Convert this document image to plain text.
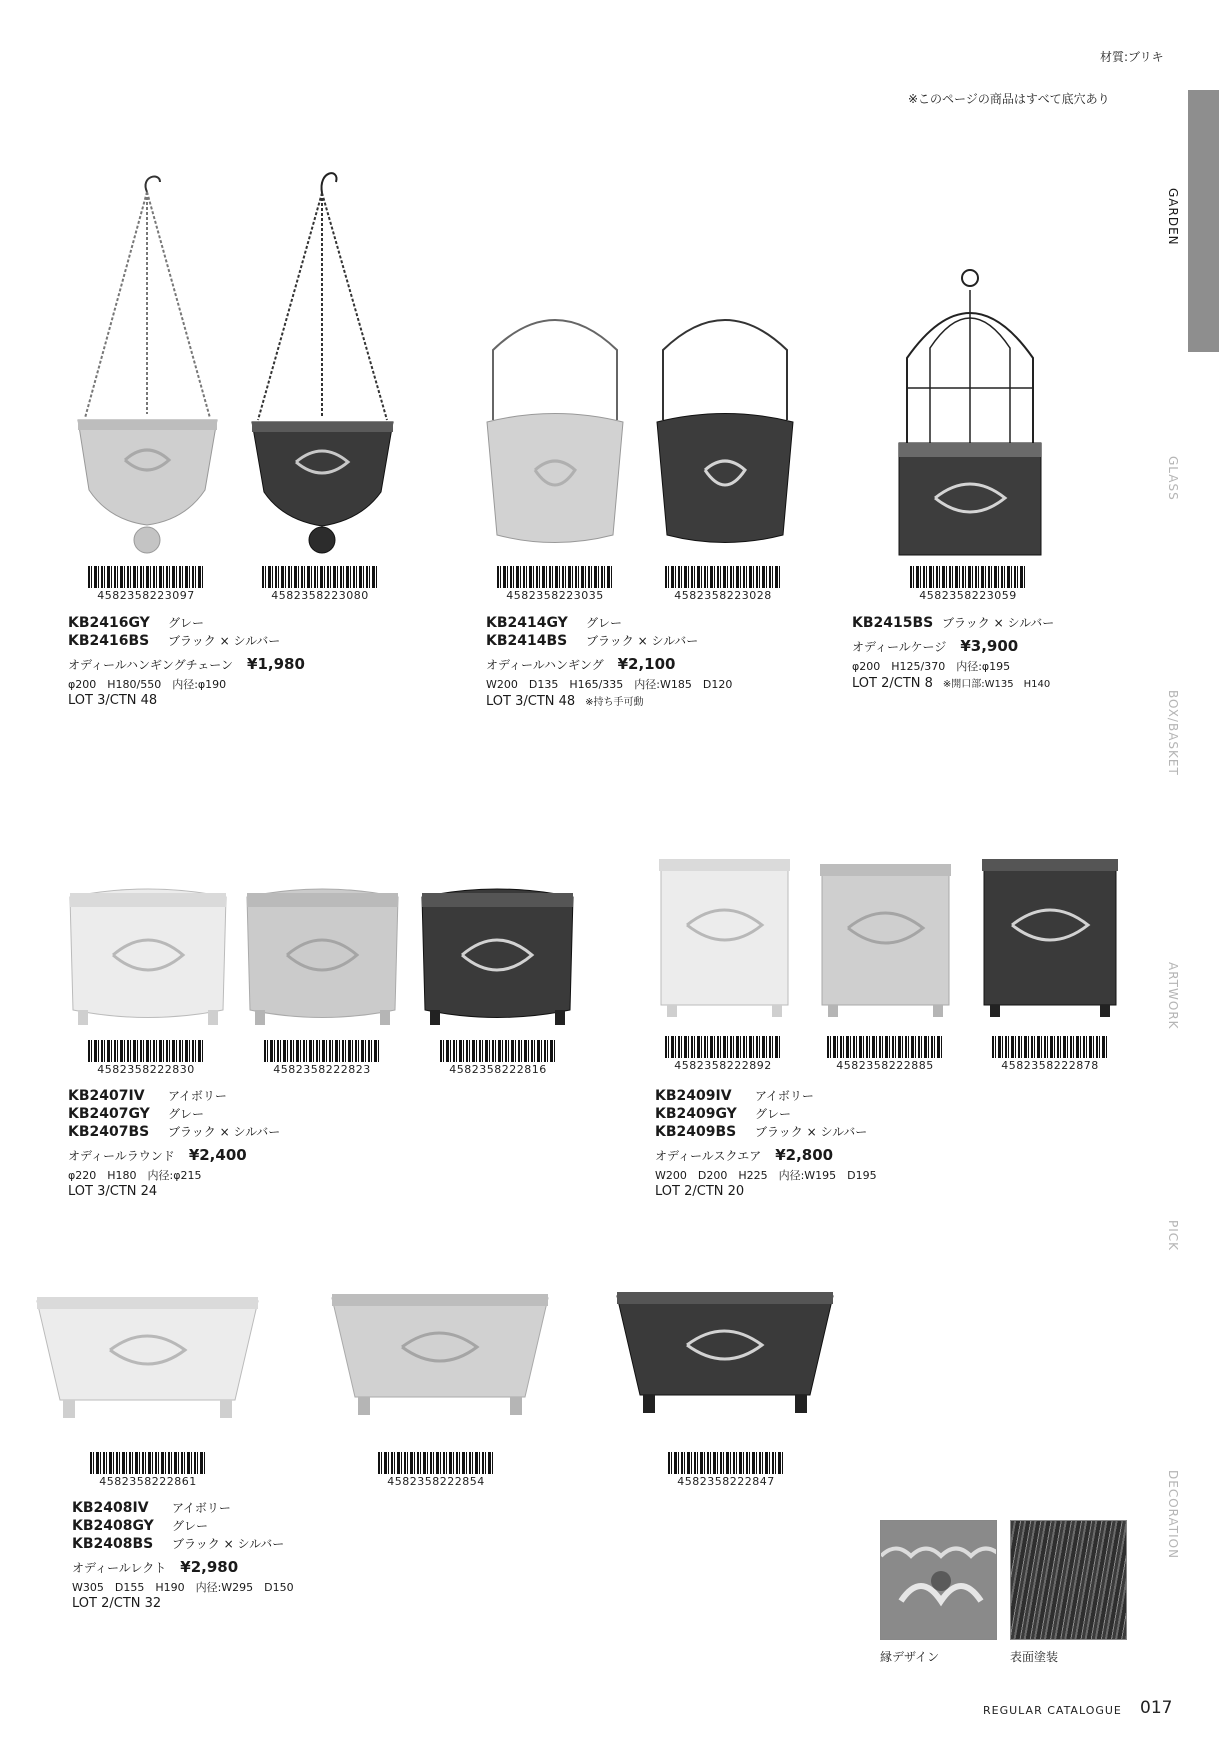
材質:ブリキ
※このページの商品はすべて底穴あり
GARDEN
GLASS
BOX/BASKET
ARTWORK
PICK
DECORATION
4582358223097	4582358223080	4582358223035	4582358223028	4582358223059
KB2416GY	グレー
KB2416BS	ブラック × シルバー
オディールハンギングチェーン ¥1,980
φ200　H180/550　内径:φ190
LOT 3/CTN 48
KB2414GY	グレー
KB2414BS	ブラック × シルバー
オディールハンギング ¥2,100
W200　D135　H165/335　内径:W185　D120
LOT 3/CTN 48 ※持ち手可動
KB2415BS ブラック × シルバー
オディールケージ ¥3,900
φ200　H125/370　内径:φ195
LOT 2/CTN 8 ※開口部:W135　H140
4582358222830	4582358222823	4582358222816	4582358222892	4582358222885	4582358222878
KB2407IV	アイボリー
KB2407GY	グレー
KB2407BS	ブラック × シルバー
オディールラウンド ¥2,400
φ220　H180　内径:φ215
LOT 3/CTN 24
KB2409IV	アイボリー
KB2409GY	グレー
KB2409BS	ブラック × シルバー
オディールスクエア ¥2,800
W200　D200　H225　内径:W195　D195
LOT 2/CTN 20
4582358222861	4582358222854	4582358222847
KB2408IV	アイボリー
KB2408GY	グレー
KB2408BS	ブラック × シルバー
オディールレクト ¥2,980
W305　D155　H190　内径:W295　D150
LOT 2/CTN 32
縁デザイン	表面塗装
REGULAR CATALOGUE 017
